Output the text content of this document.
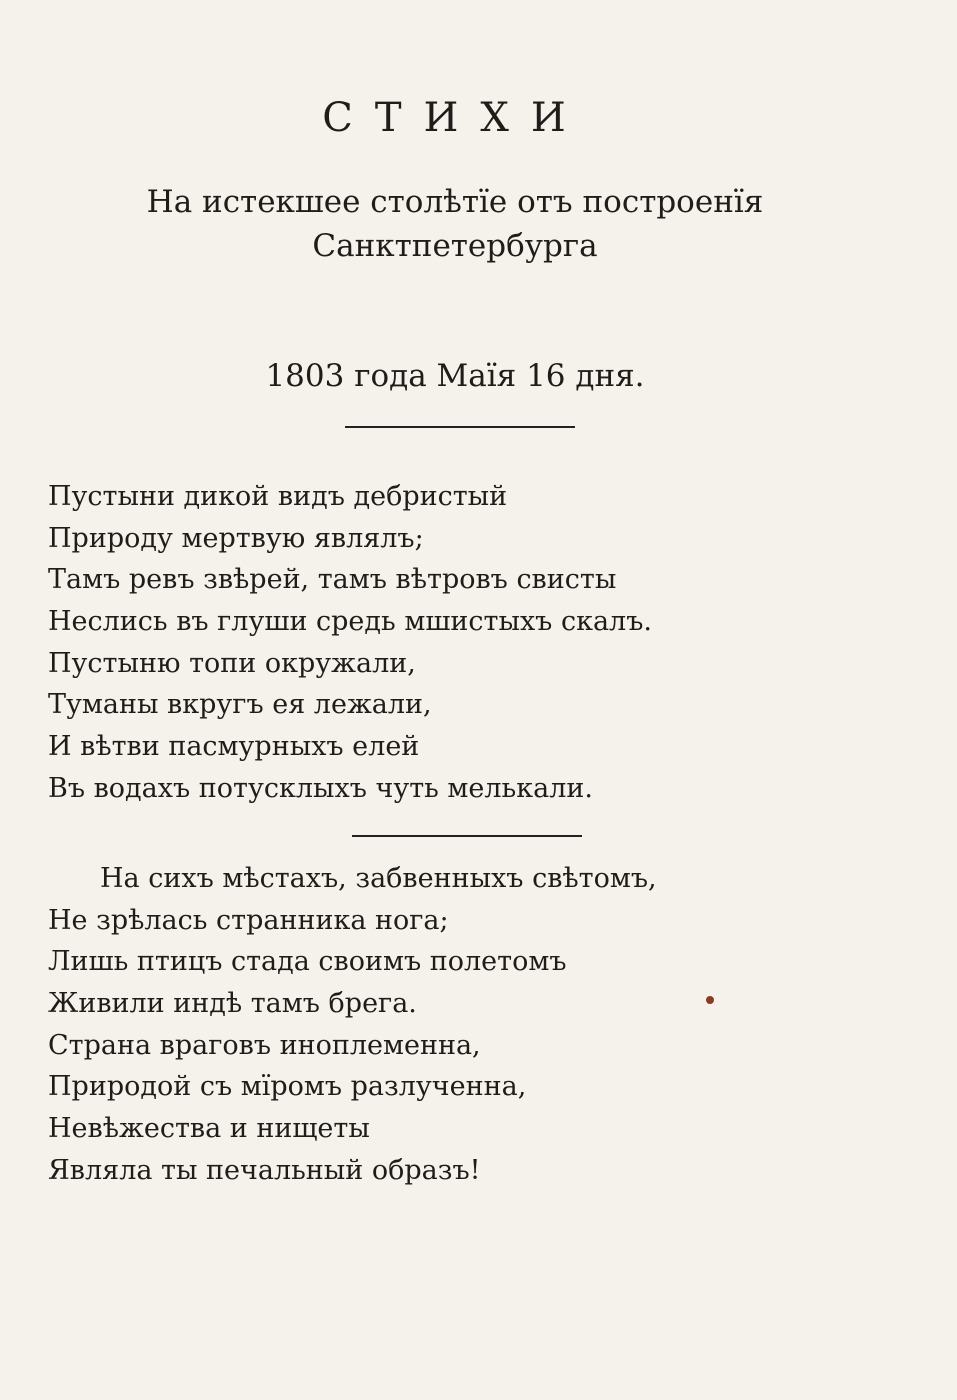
СТИХИ
На истекшее столѣтїе отъ построенїя
Санктпетербурга
1803 года Маїя 16 дня.
Пустыни дикой видъ дебристый
Природу мертвую являлъ;
Тамъ ревъ звѣрей, тамъ вѣтровъ свисты
Неслись въ глуши средь мшистыхъ скалъ.
Пустыню топи окружали,
Туманы вкругъ ея лежали,
И вѣтви пасмурныхъ елей
Въ водахъ потусклыхъ чуть мелькали.
На сихъ мѣстахъ, забвенныхъ свѣтомъ,
Не зрѣлась странника нога;
Лишь птицъ стада своимъ полетомъ
Живили индѣ тамъ брега.
Страна враговъ иноплеменна,
Природой съ мїромъ разлученна,
Невѣжества и нищеты
Являла ты печальный образъ!
